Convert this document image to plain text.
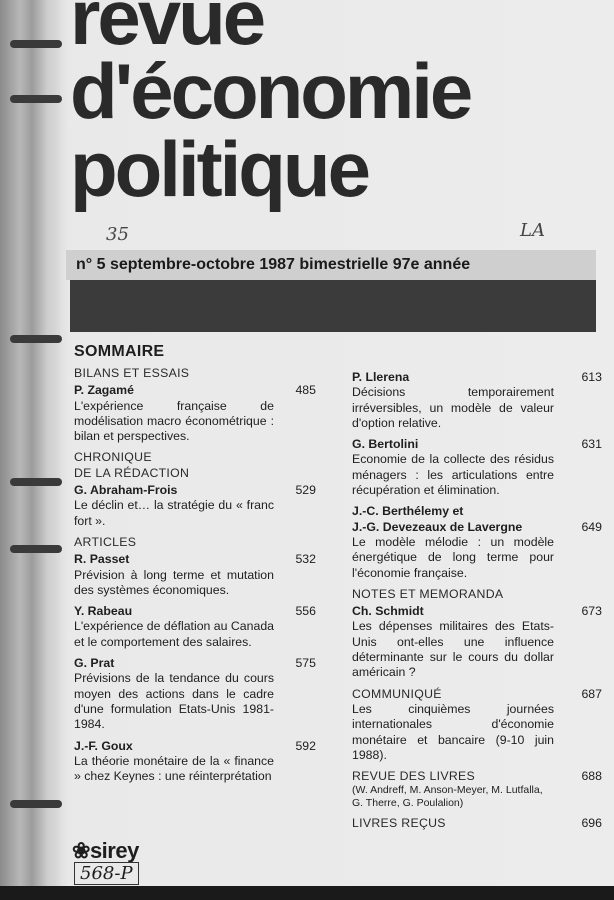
revue
d'économie
politique
35	LA
n° 5 septembre-octobre 1987 bimestrielle 97e année
SOMMAIRE
BILANS ET ESSAIS
P. Zagamé	485
L'expérience française de modélisation macro économétrique : bilan et perspectives.
CHRONIQUE
DE LA RÉDACTION
G. Abraham-Frois	529
Le déclin et… la stratégie du « franc fort ».
ARTICLES
R. Passet	532
Prévision à long terme et mutation des systèmes économiques.
Y. Rabeau	556
L'expérience de déflation au Canada et le comportement des salaires.
G. Prat	575
Prévisions de la tendance du cours moyen des actions dans le cadre d'une formulation Etats-Unis 1981-1984.
J.-F. Goux	592
La théorie monétaire de la « finance » chez Keynes : une réinterprétation
P. Llerena	613
Décisions temporairement irréversibles, un modèle de valeur d'option relative.
G. Bertolini	631
Economie de la collecte des résidus ménagers : les articulations entre récupération et élimination.
J.-C. Berthélemy et
J.-G. Devezeaux de Lavergne	649
Le modèle mélodie : un modèle énergétique de long terme pour l'économie française.
NOTES ET MEMORANDA
Ch. Schmidt	673
Les dépenses militaires des Etats-Unis ont-elles une influence déterminante sur le cours du dollar américain ?
COMMUNIQUÉ	687
Les cinquièmes journées internationales d'économie monétaire et bancaire (9-10 juin 1988).
REVUE DES LIVRES	688
(W. Andreff, M. Anson-Meyer, M. Lutfalla, G. Therre, G. Poulalion)
LIVRES REÇUS	696
❀sirey
568-P
